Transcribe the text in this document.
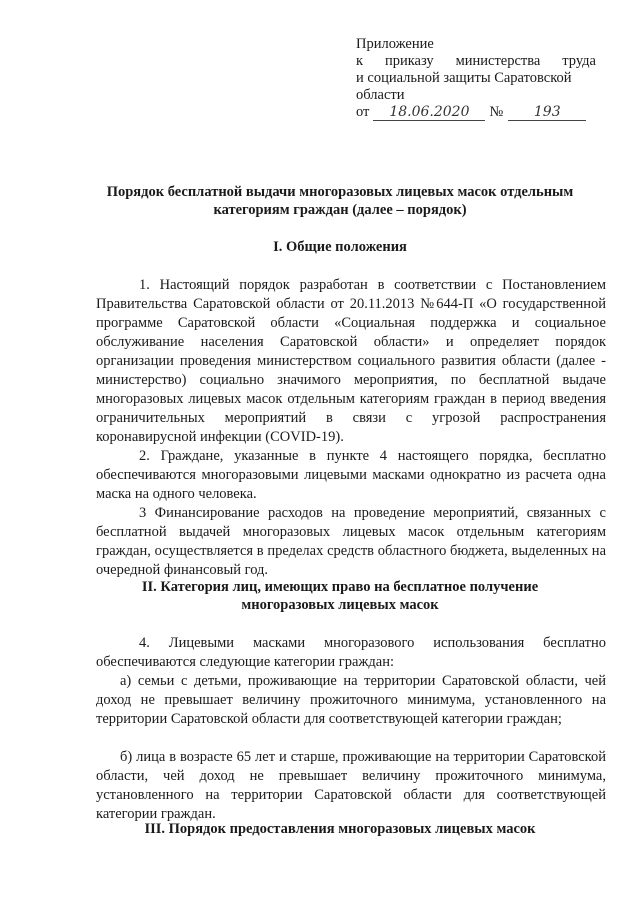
Приложение
к приказу министерства труда
и социальной защиты Саратовской
области
от	18.06.2020	№	193
Порядок бесплатной выдачи многоразовых лицевых масок отдельным
категориям граждан (далее – порядок)
I. Общие положения
1. Настоящий порядок разработан в соответствии с Постановлением Правительства Саратовской области от 20.11.2013 №644-П «О государственной программе Саратовской области «Социальная поддержка и социальное обслуживание населения Саратовской области» и определяет порядок организации проведения министерством социального развития области (далее - министерство) социально значимого мероприятия, по бесплатной выдаче многоразовых лицевых масок отдельным категориям граждан в период введения ограничительных мероприятий в связи с угрозой распространения коронавирусной инфекции (COVID-19).
2. Граждане, указанные в пункте 4 настоящего порядка, бесплатно обеспечиваются многоразовыми лицевыми масками однократно из расчета одна маска на одного человека.
3 Финансирование расходов на проведение мероприятий, связанных с бесплатной выдачей многоразовых лицевых масок отдельным категориям граждан, осуществляется в пределах средств областного бюджета, выделенных на очередной финансовый год.
II. Категория лиц, имеющих право на бесплатное получение
многоразовых лицевых масок
4. Лицевыми масками многоразового использования бесплатно обеспечиваются следующие категории граждан:
а) семьи с детьми, проживающие на территории Саратовской области, чей доход не превышает величину прожиточного минимума, установленного на территории Саратовской области для соответствующей категории граждан;
б) лица в возрасте 65 лет и старше, проживающие на территории Саратовской области, чей доход не превышает величину прожиточного минимума, установленного на территории Саратовской области для соответствующей категории граждан.
III. Порядок предоставления многоразовых лицевых масок
